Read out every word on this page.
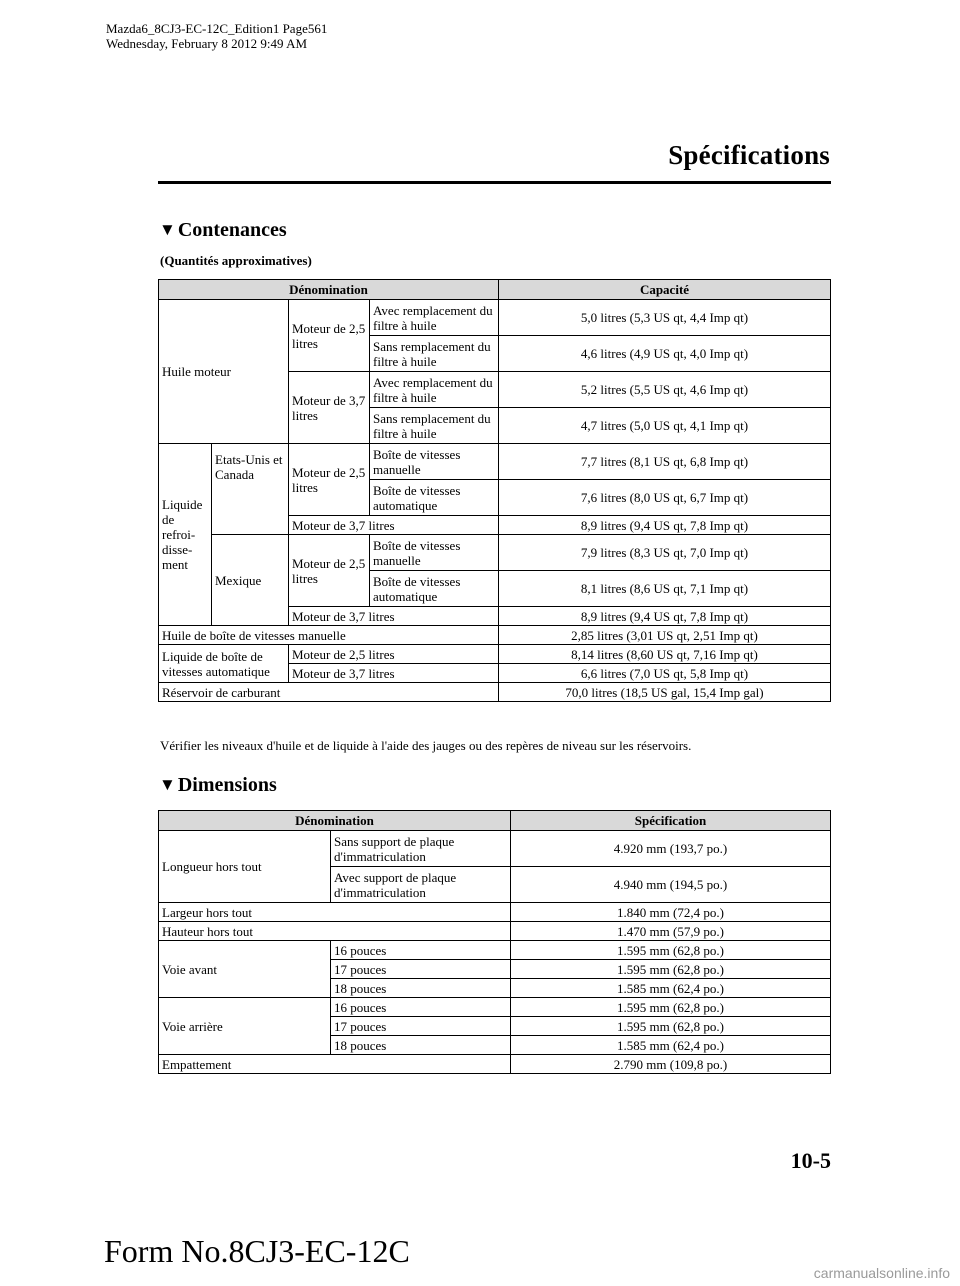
Mazda6_8CJ3-EC-12C_Edition1 Page561
Wednesday, February 8 2012 9:49 AM
Spécifications
▼ Contenances
(Quantités approximatives)
Dénomination				Capacité
Huile moteur		Moteur de 2,5 litres	Avec remplacement du filtre à huile	5,0 litres (5,3 US qt, 4,4 Imp qt)
			Sans remplacement du filtre à huile	4,6 litres (4,9 US qt, 4,0 Imp qt)
		Moteur de 3,7 litres	Avec remplacement du filtre à huile	5,2 litres (5,5 US qt, 4,6 Imp qt)
			Sans remplacement du filtre à huile	4,7 litres (5,0 US qt, 4,1 Imp qt)
Liquide de refroi- disse- ment	Etats-Unis et Canada	Moteur de 2,5 litres	Boîte de vitesses manuelle	7,7 litres (8,1 US qt, 6,8 Imp qt)
			Boîte de vitesses automatique	7,6 litres (8,0 US qt, 6,7 Imp qt)
		Moteur de 3,7 litres		8,9 litres (9,4 US qt, 7,8 Imp qt)
	Mexique	Moteur de 2,5 litres	Boîte de vitesses manuelle	7,9 litres (8,3 US qt, 7,0 Imp qt)
			Boîte de vitesses automatique	8,1 litres (8,6 US qt, 7,1 Imp qt)
		Moteur de 3,7 litres		8,9 litres (9,4 US qt, 7,8 Imp qt)
Huile de boîte de vitesses manuelle				2,85 litres (3,01 US qt, 2,51 Imp qt)
Liquide de boîte de vitesses automatique		Moteur de 2,5 litres		8,14 litres (8,60 US qt, 7,16 Imp qt)
		Moteur de 3,7 litres		6,6 litres (7,0 US qt, 5,8 Imp qt)
Réservoir de carburant				70,0 litres (18,5 US gal, 15,4 Imp gal)
Vérifier les niveaux d'huile et de liquide à l'aide des jauges ou des repères de niveau sur les réservoirs.
▼ Dimensions
Dénomination		Spécification
Longueur hors tout	Sans support de plaque d'immatriculation	4.920 mm (193,7 po.)
	Avec support de plaque d'immatriculation	4.940 mm (194,5 po.)
Largeur hors tout		1.840 mm (72,4 po.)
Hauteur hors tout		1.470 mm (57,9 po.)
Voie avant	16 pouces	1.595 mm (62,8 po.)
	17 pouces	1.595 mm (62,8 po.)
	18 pouces	1.585 mm (62,4 po.)
Voie arrière	16 pouces	1.595 mm (62,8 po.)
	17 pouces	1.595 mm (62,8 po.)
	18 pouces	1.585 mm (62,4 po.)
Empattement		2.790 mm (109,8 po.)
10-5
Form No.8CJ3-EC-12C
carmanualsonline.info
